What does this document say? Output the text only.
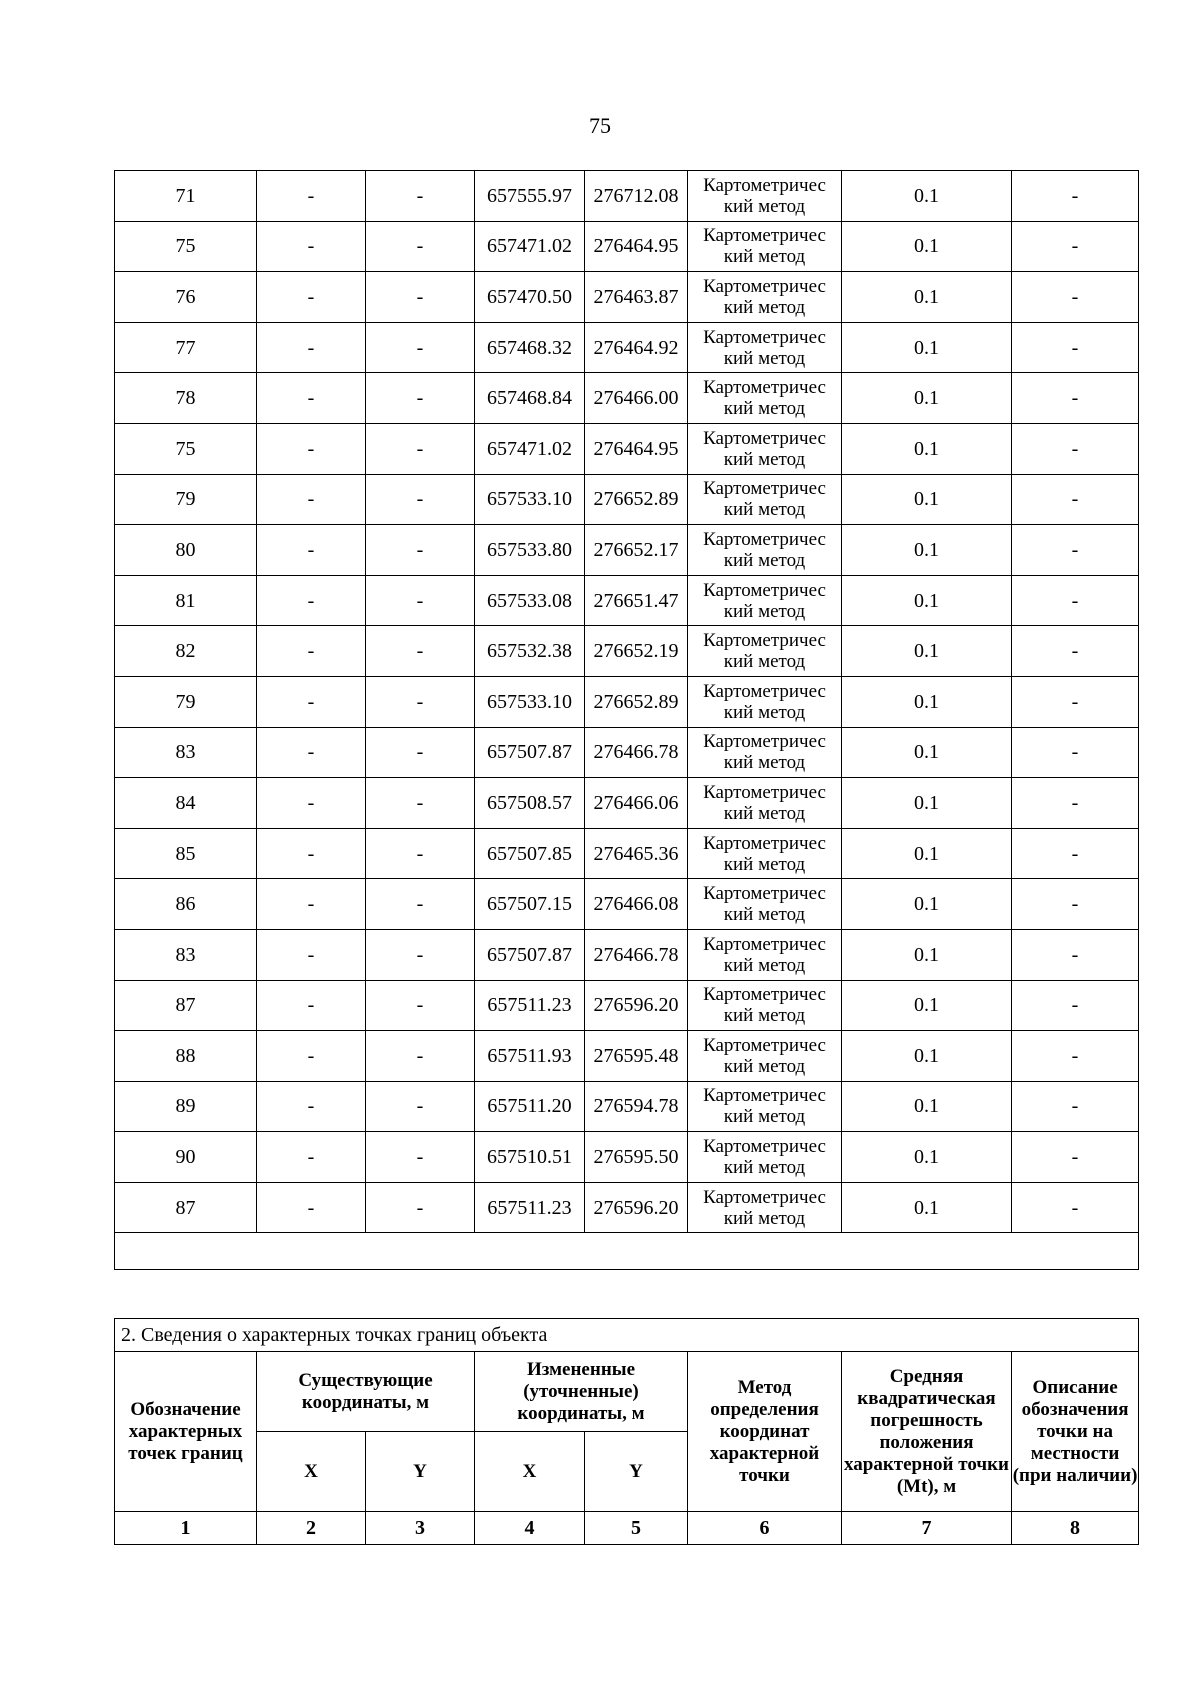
75
71	-	-	657555.97	276712.08	Картометричес кий метод	0.1	-
75	-	-	657471.02	276464.95	Картометричес кий метод	0.1	-
76	-	-	657470.50	276463.87	Картометричес кий метод	0.1	-
77	-	-	657468.32	276464.92	Картометричес кий метод	0.1	-
78	-	-	657468.84	276466.00	Картометричес кий метод	0.1	-
75	-	-	657471.02	276464.95	Картометричес кий метод	0.1	-
79	-	-	657533.10	276652.89	Картометричес кий метод	0.1	-
80	-	-	657533.80	276652.17	Картометричес кий метод	0.1	-
81	-	-	657533.08	276651.47	Картометричес кий метод	0.1	-
82	-	-	657532.38	276652.19	Картометричес кий метод	0.1	-
79	-	-	657533.10	276652.89	Картометричес кий метод	0.1	-
83	-	-	657507.87	276466.78	Картометричес кий метод	0.1	-
84	-	-	657508.57	276466.06	Картометричес кий метод	0.1	-
85	-	-	657507.85	276465.36	Картометричес кий метод	0.1	-
86	-	-	657507.15	276466.08	Картометричес кий метод	0.1	-
83	-	-	657507.87	276466.78	Картометричес кий метод	0.1	-
87	-	-	657511.23	276596.20	Картометричес кий метод	0.1	-
88	-	-	657511.93	276595.48	Картометричес кий метод	0.1	-
89	-	-	657511.20	276594.78	Картометричес кий метод	0.1	-
90	-	-	657510.51	276595.50	Картометричес кий метод	0.1	-
87	-	-	657511.23	276596.20	Картометричес кий метод	0.1	-

2. Сведения о характерных точках границ объекта							
Обозначение характерных точек границ	Существующие координаты, м		Измененные (уточненные) координаты, м		Метод определения координат характерной точки	Средняя квадратическая погрешность положения характерной точки (Mt), м	Описание обозначения точки на местности (при наличии)
	X	Y	X	Y			
1	2	3	4	5	6	7	8
